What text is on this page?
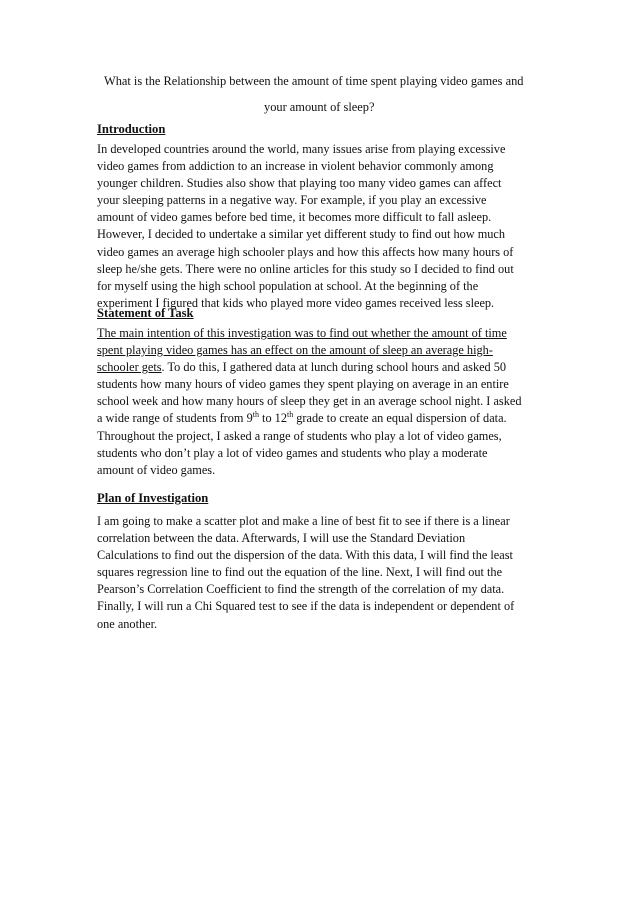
What is the Relationship between the amount of time spent playing video games and
your amount of sleep?
Introduction
In developed countries around the world, many issues arise from playing excessive
video games from addiction to an increase in violent behavior commonly among
younger children. Studies also show that playing too many video games can affect
your sleeping patterns in a negative way. For example, if you play an excessive
amount of video games before bed time, it becomes more difficult to fall asleep.
However, I decided to undertake a similar yet different study to find out how much
video games an average high schooler plays and how this affects how many hours of
sleep he/she gets. There were no online articles for this study so I decided to find out
for myself using the high school population at school. At the beginning of the
experiment I figured that kids who played more video games received less sleep.
Statement of Task
The main intention of this investigation was to find out whether the amount of time
spent playing video games has an effect on the amount of sleep an average high-
schooler gets. To do this, I gathered data at lunch during school hours and asked 50
students how many hours of video games they spent playing on average in an entire
school week and how many hours of sleep they get in an average school night. I asked
a wide range of students from 9th to 12th grade to create an equal dispersion of data.
Throughout the project, I asked a range of students who play a lot of video games,
students who don’t play a lot of video games and students who play a moderate
amount of video games.
Plan of Investigation
I am going to make a scatter plot and make a line of best fit to see if there is a linear
correlation between the data. Afterwards, I will use the Standard Deviation
Calculations to find out the dispersion of the data. With this data, I will find the least
squares regression line to find out the equation of the line. Next, I will find out the
Pearson’s Correlation Coefficient to find the strength of the correlation of my data.
Finally, I will run a Chi Squared test to see if the data is independent or dependent of
one another.
